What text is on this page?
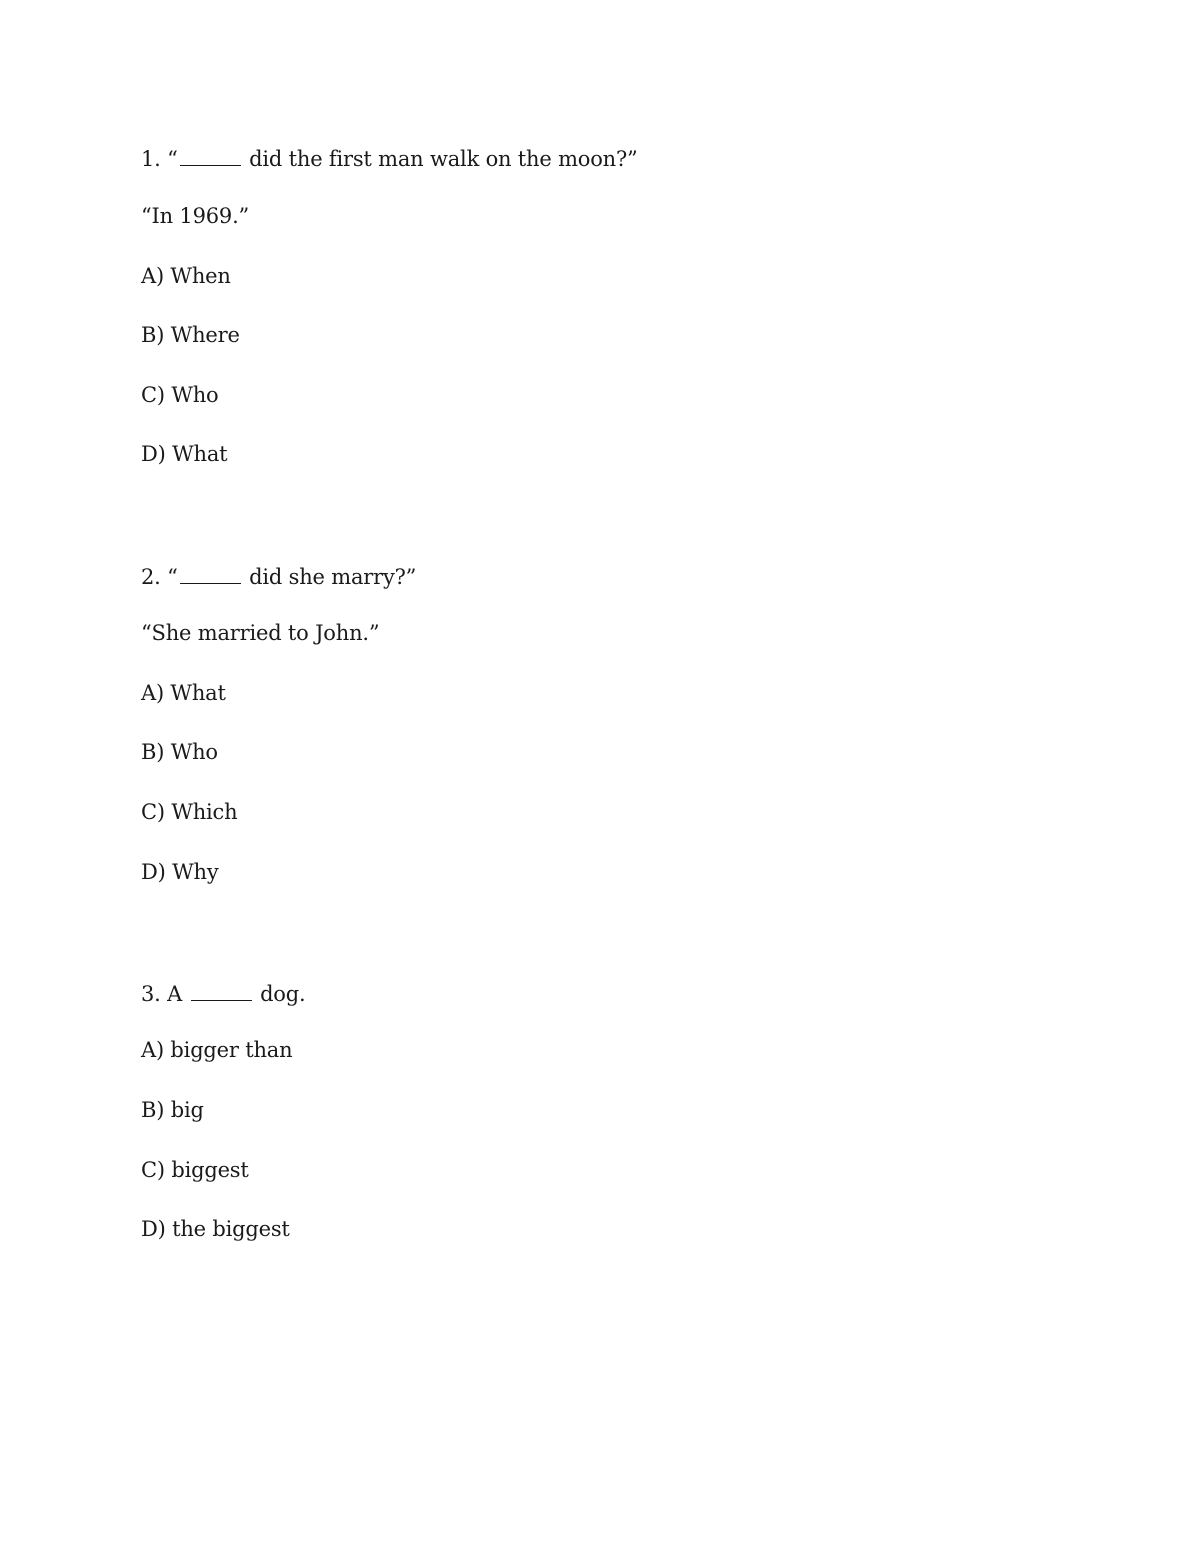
1. “	did the first man walk on the moon?”
“In 1969.”
A) When
B) Where
C) Who
D) What
2. “	did she marry?”
“She married to John.”
A) What
B) Who
C) Which
D) Why
3. A	dog.
A) bigger than
B) big
C) biggest
D) the biggest
